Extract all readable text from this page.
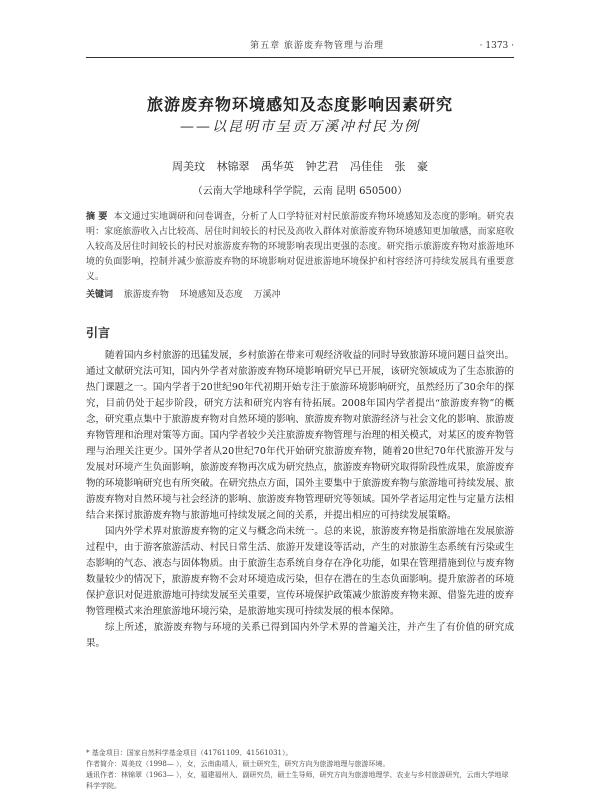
第五章 旅游废弃物管理与治理	· 1373 ·
旅游废弃物环境感知及态度影响因素研究
——以昆明市呈贡万溪冲村民为例
周美玟 林锦翠 禹华英 钟艺君 冯佳佳 张 豪
（云南大学地球科学学院，云南 昆明 650500）
摘 要 本文通过实地调研和问卷调查，分析了人口学特征对村民旅游废弃物环境感知及态度的影响。研究表明：家庭旅游收入占比较高、居住时间较长的村民及高收入群体对旅游废弃物环境感知更加敏感，而家庭收入较高及居住时间较长的村民对旅游废弃物的环境影响表现出更强的态度。研究指示旅游废弃物对旅游地环境的负面影响，控制并减少旅游废弃物的环境影响对促进旅游地环境保护和村容经济可持续发展具有重要意义。
关键词 旅游废弃物 环境感知及态度 万溪冲
引言

随着国内乡村旅游的迅猛发展，乡村旅游在带来可观经济收益的同时导致旅游环境问题日益突出。通过文献研究法可知，国内外学者对旅游废弃物环境影响研究早已开展，该研究领域成为了生态旅游的热门课题之一。国内学者于20世纪90年代初期开始专注于旅游环境影响研究，虽然经历了30余年的探究，目前仍处于起步阶段，研究方法和研究内容有待拓展。2008年国内学者提出“旅游废弃物”的概念，研究重点集中于旅游废弃物对自然环境的影响、旅游废弃物对旅游经济与社会文化的影响、旅游废弃物管理和治理对策等方面。国内学者较少关注旅游废弃物管理与治理的相关模式，对某区的废弃物管理与治理关注更少。国外学者从20世纪70年代开始研究旅游废弃物，随着20世纪70年代旅游开发与发展对环境产生负面影响，旅游废弃物再次成为研究热点，旅游废弃物研究取得阶段性成果，旅游废弃物的环境影响研究也有所突破。在研究热点方面，国外主要集中于旅游废弃物与旅游地可持续发展、旅游废弃物对自然环境与社会经济的影响、旅游废弃物管理研究等领域。国外学者运用定性与定量方法相结合来探讨旅游废弃物与旅游地可持续发展之间的关系，并提出相应的可持续发展策略。

国内外学术界对旅游废弃物的定义与概念尚未统一。总的来说，旅游废弃物是指旅游地在发展旅游过程中，由于游客旅游活动、村民日常生活、旅游开发建设等活动，产生的对旅游生态系统有污染或生态影响的气态、液态与固体物质。由于旅游生态系统自身存在净化功能，如果在管理措施到位与废弃物数量较少的情况下，旅游废弃物不会对环境造成污染，但存在潜在的生态负面影响。提升旅游者的环境保护意识对促进旅游地可持续发展至关重要，宣传环境保护政策减少旅游废弃物来源、借鉴先进的废弃物管理模式来治理旅游地环境污染，是旅游地实现可持续发展的根本保障。

综上所述，旅游废弃物与环境的关系已得到国内外学术界的普遍关注，并产生了有价值的研究成果。

* 基金项目：国家自然科学基金项目（41761109、41561031）。

作者简介：周美玟（1998— ），女，云南曲靖人，硕士研究生，研究方向为旅游地理与旅游环境。

通讯作者：林锦翠（1963— ），女，福建福州人，副研究员，硕士生导师，研究方向为旅游地理学、农业与乡村旅游研究，云南大学地球科学学院。
